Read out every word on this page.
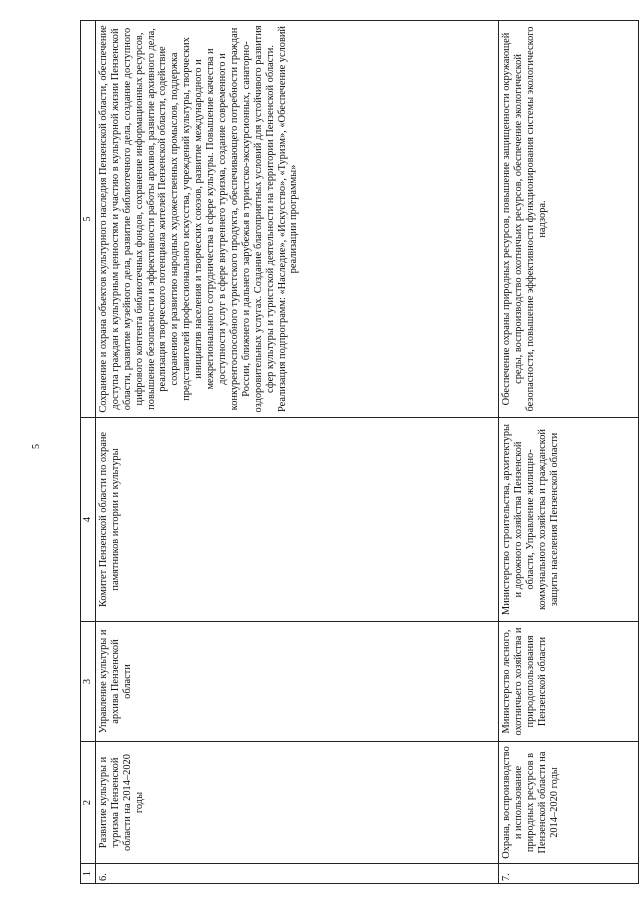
5
1	2	3	4	5
6.	Развитие культуры и туризма Пензенской области на 2014–2020 годы	Управление культуры и архива Пензенской области	Комитет Пензенской области по охране памятников истории и культуры	Сохранение и охрана объектов культурного наследия Пензенской области, обеспечение доступа граждан к культурным ценностям и участию в культурной жизни Пензенской области, развитие музейного дела, развитие библиотечного дела, создание доступного цифрового контента библиотечных фондов, сохранение информационных ресурсов, повышение безопасности и эффективности работы архивов, развитие архивного дела, реализация творческого потенциала жителей Пензенской области, содействие сохранению и развитию народных художественных промыслов, поддержка представителей профессионального искусства, учреждений культуры, творческих инициатив населения и творческих союзов, развитие международного и межрегионального сотрудничества в сфере культуры. Повышение качества и доступности услуг в сфере внутреннего туризма, создание современного и конкурентоспособного туристского продукта, обеспечивающего потребности граждан России, ближнего и дальнего зарубежья в туристско-экскурсионных, санаторно-оздоровительных услугах. Создание благоприятных условий для устойчивого развития сфер культуры и туристской деятельности на территории Пензенской области. Реализация подпрограмм: «Наследие», «Искусство», «Туризм», «Обеспечение условий реализации программы»
7.	Охрана, воспроизводство и использование природных ресурсов в Пензенской области на 2014–2020 годы	Министерство лесного, охотничьего хозяйства и природопользования Пензенской области	Министерство строительства, архитектуры и дорожного хозяйства Пензенской области, Управление жилищно-коммунального хозяйства и гражданской защиты населения Пензенской области	Обеспечение охраны природных ресурсов, повышение защищенности окружающей среды, воспроизводство охотничьих ресурсов, обеспечение экологической безопасности, повышение эффективности функционирования системы экологического надзора.
